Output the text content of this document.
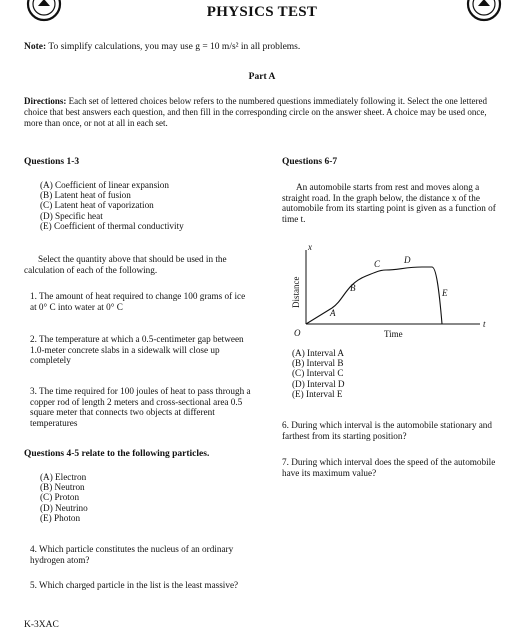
PHYSICS TEST
Note: To simplify calculations, you may use g = 10 m/s² in all problems.
Part A
Directions: Each set of lettered choices below refers to the numbered questions immediately following it. Select the one lettered choice that best answers each question, and then fill in the corresponding circle on the answer sheet. A choice may be used once, more than once, or not at all in each set.
Questions 1-3
(A) Coefficient of linear expansion
(B) Latent heat of fusion
(C) Latent heat of vaporization
(D) Specific heat
(E) Coefficient of thermal conductivity
Select the quantity above that should be used in the calculation of each of the following.
1. The amount of heat required to change 100 grams of ice at 0° C into water at 0° C
2. The temperature at which a 0.5-centimeter gap between 1.0-meter concrete slabs in a sidewalk will close up completely
3. The time required for 100 joules of heat to pass through a copper rod of length 2 meters and cross-sectional area 0.5 square meter that connects two objects at different temperatures
Questions 4-5 relate to the following particles.
(A) Electron
(B) Neutron
(C) Proton
(D) Neutrino
(E) Photon
4. Which particle constitutes the nucleus of an ordinary hydrogen atom?
5. Which charged particle in the list is the least massive?
Questions 6-7
An automobile starts from rest and moves along a straight road. In the graph below, the distance x of the automobile from its starting point is given as a function of time t.
A
B
C	D
E
x
t
O	Time
Distance
(A) Interval A
(B) Interval B
(C) Interval C
(D) Interval D
(E) Interval E
6. During which interval is the automobile stationary and farthest from its starting position?
7. During which interval does the speed of the automobile have its maximum value?
K-3XAC
